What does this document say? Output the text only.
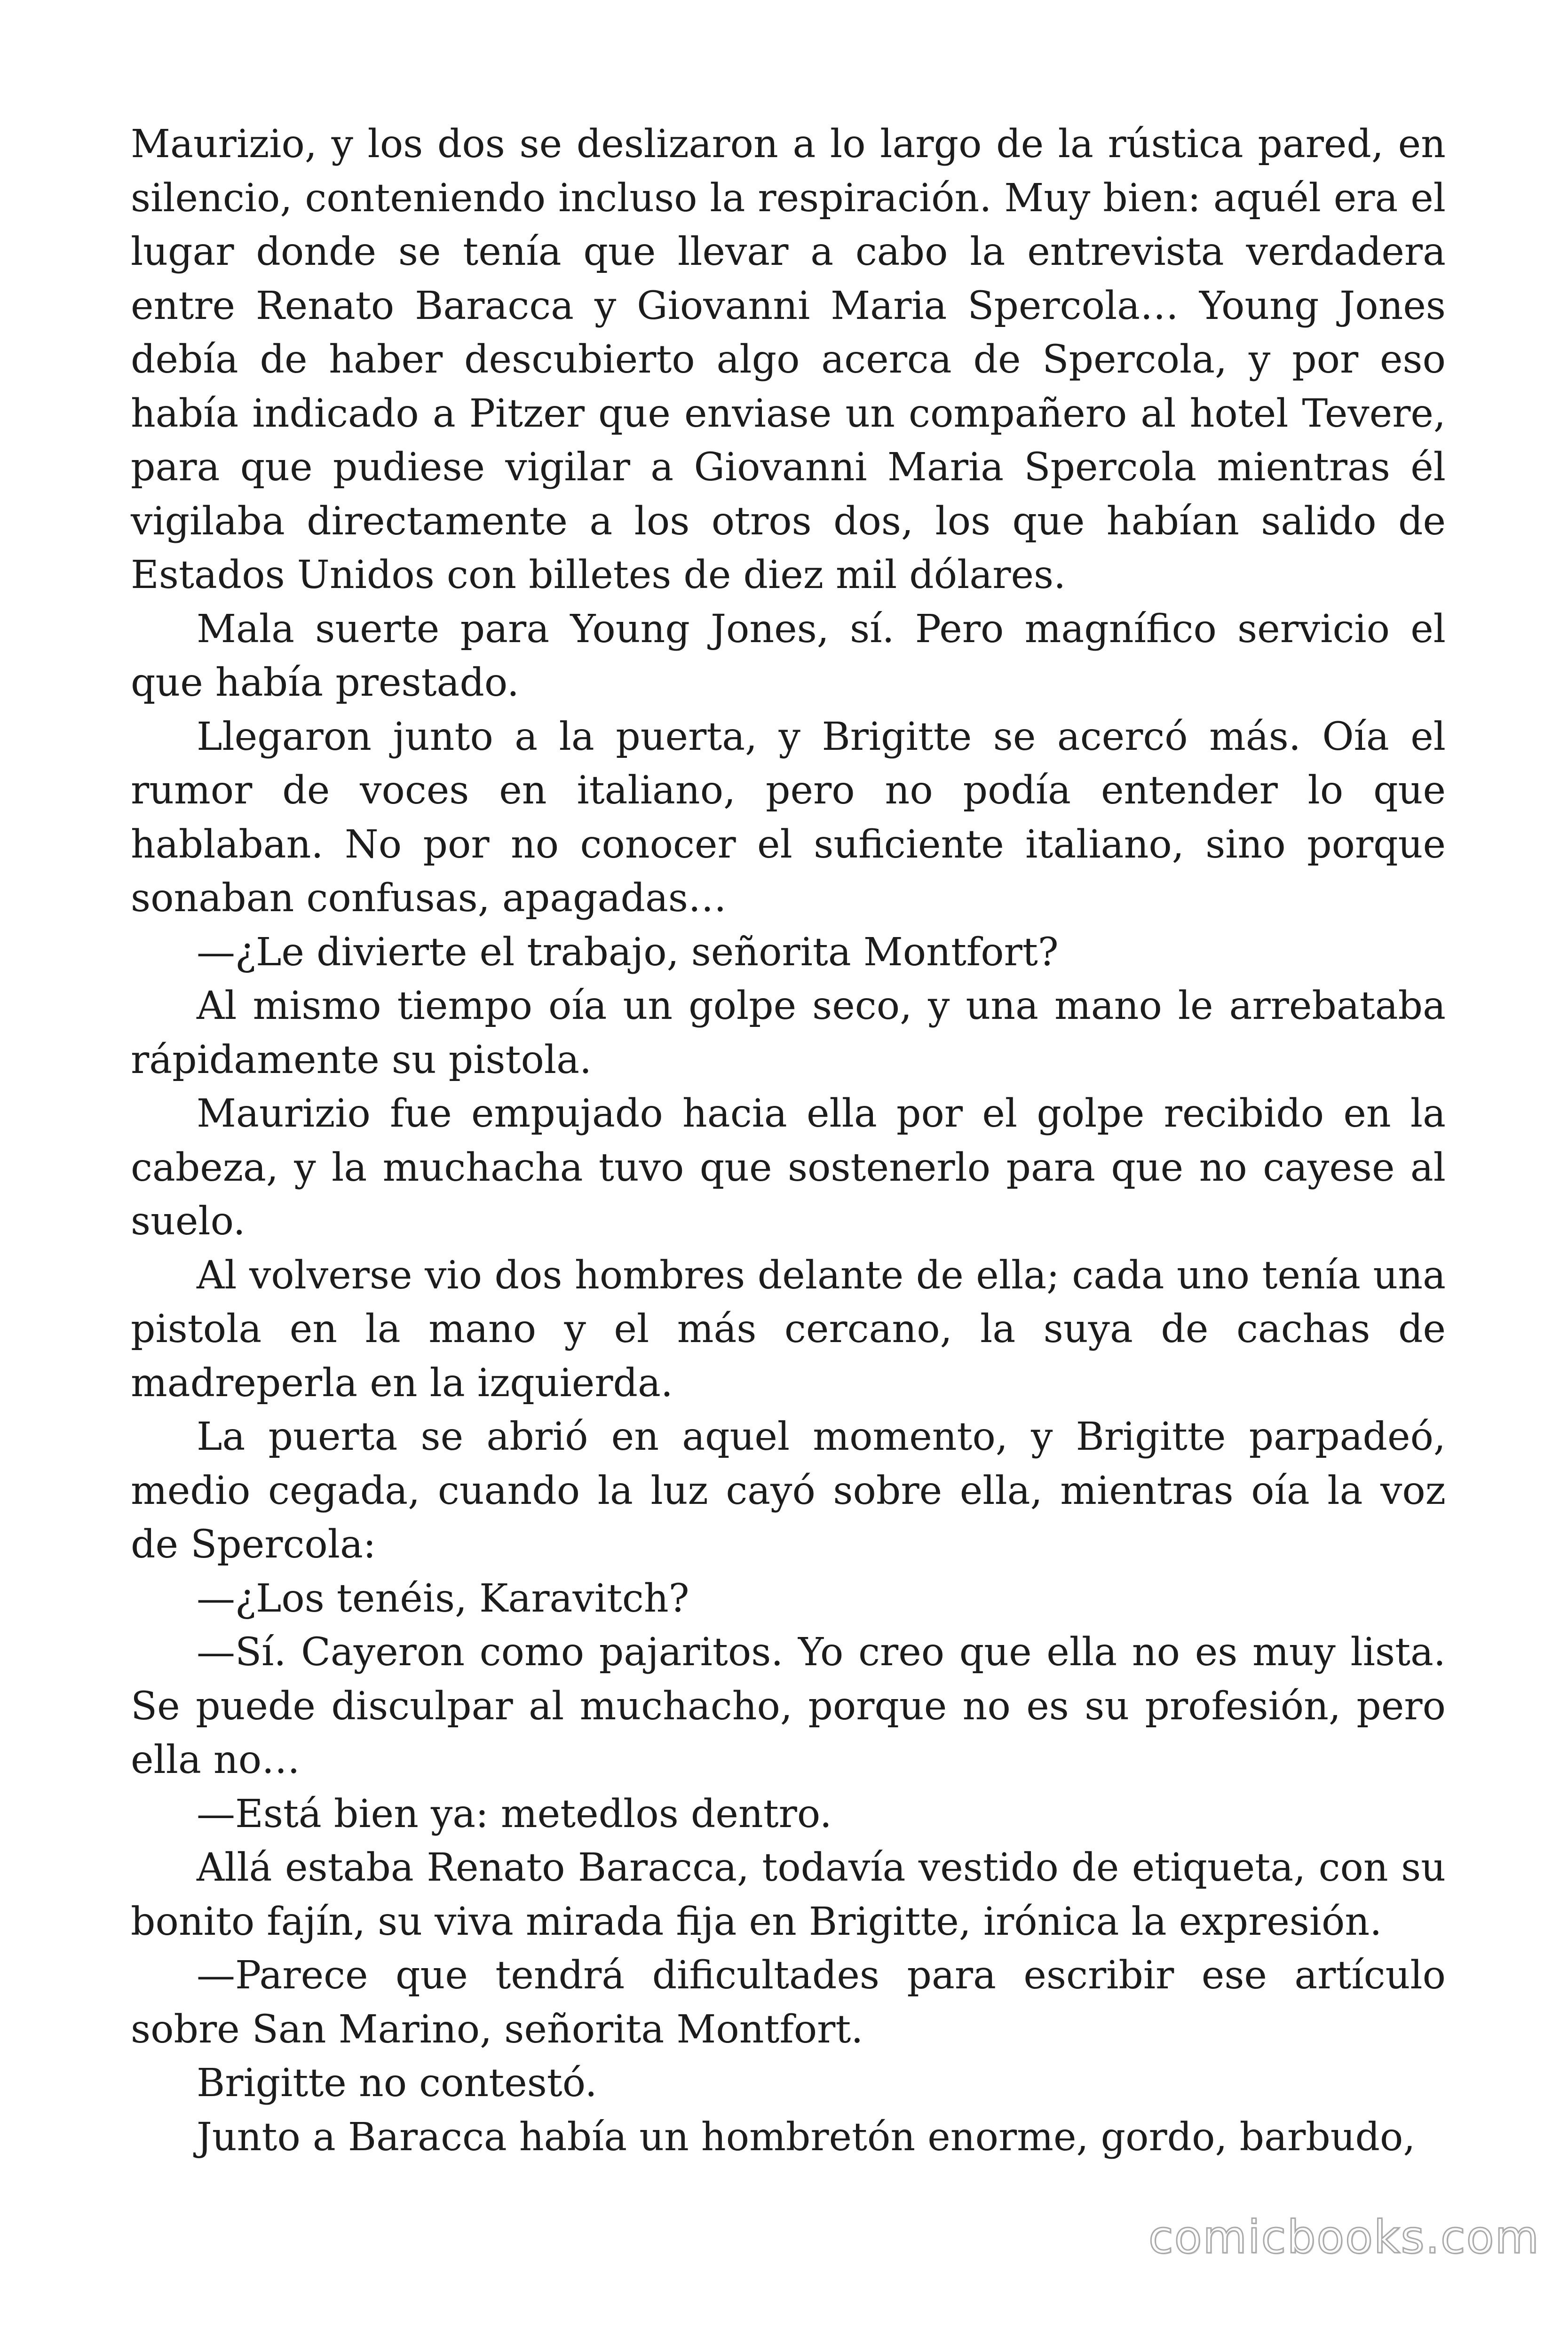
Maurizio, y los dos se deslizaron a lo largo de la rústica pared, en silencio, conteniendo incluso la respiración. Muy bien: aquél era el lugar donde se tenía que llevar a cabo la entrevista verdadera entre Renato Baracca y Giovanni Maria Spercola… Young Jones debía de haber descubierto algo acerca de Spercola, y por eso había indicado a Pitzer que enviase un compañero al hotel Tevere, para que pudiese vigilar a Giovanni Maria Spercola mientras él vigilaba directamente a los otros dos, los que habían salido de Estados Unidos con billetes de diez mil dólares.

Mala suerte para Young Jones, sí. Pero magnífico servicio el que había prestado.

Llegaron junto a la puerta, y Brigitte se acercó más. Oía el rumor de voces en italiano, pero no podía entender lo que hablaban. No por no conocer el suficiente italiano, sino porque sonaban confusas, apagadas…

—¿Le divierte el trabajo, señorita Montfort?

Al mismo tiempo oía un golpe seco, y una mano le arrebataba rápidamente su pistola.

Maurizio fue empujado hacia ella por el golpe recibido en la cabeza, y la muchacha tuvo que sostenerlo para que no cayese al suelo.

Al volverse vio dos hombres delante de ella; cada uno tenía una pistola en la mano y el más cercano, la suya de cachas de madreperla en la izquierda.

La puerta se abrió en aquel momento, y Brigitte parpadeó, medio cegada, cuando la luz cayó sobre ella, mientras oía la voz de Spercola:

—¿Los tenéis, Karavitch?

—Sí. Cayeron como pajaritos. Yo creo que ella no es muy lista. Se puede disculpar al muchacho, porque no es su profesión, pero ella no…

—Está bien ya: metedlos dentro.

Allá estaba Renato Baracca, todavía vestido de etiqueta, con su bonito fajín, su viva mirada fija en Brigitte, irónica la expresión.

—Parece que tendrá dificultades para escribir ese artículo sobre San Marino, señorita Montfort.

Brigitte no contestó.

Junto a Baracca había un hombretón enorme, gordo, barbudo,

comicbooks.com
